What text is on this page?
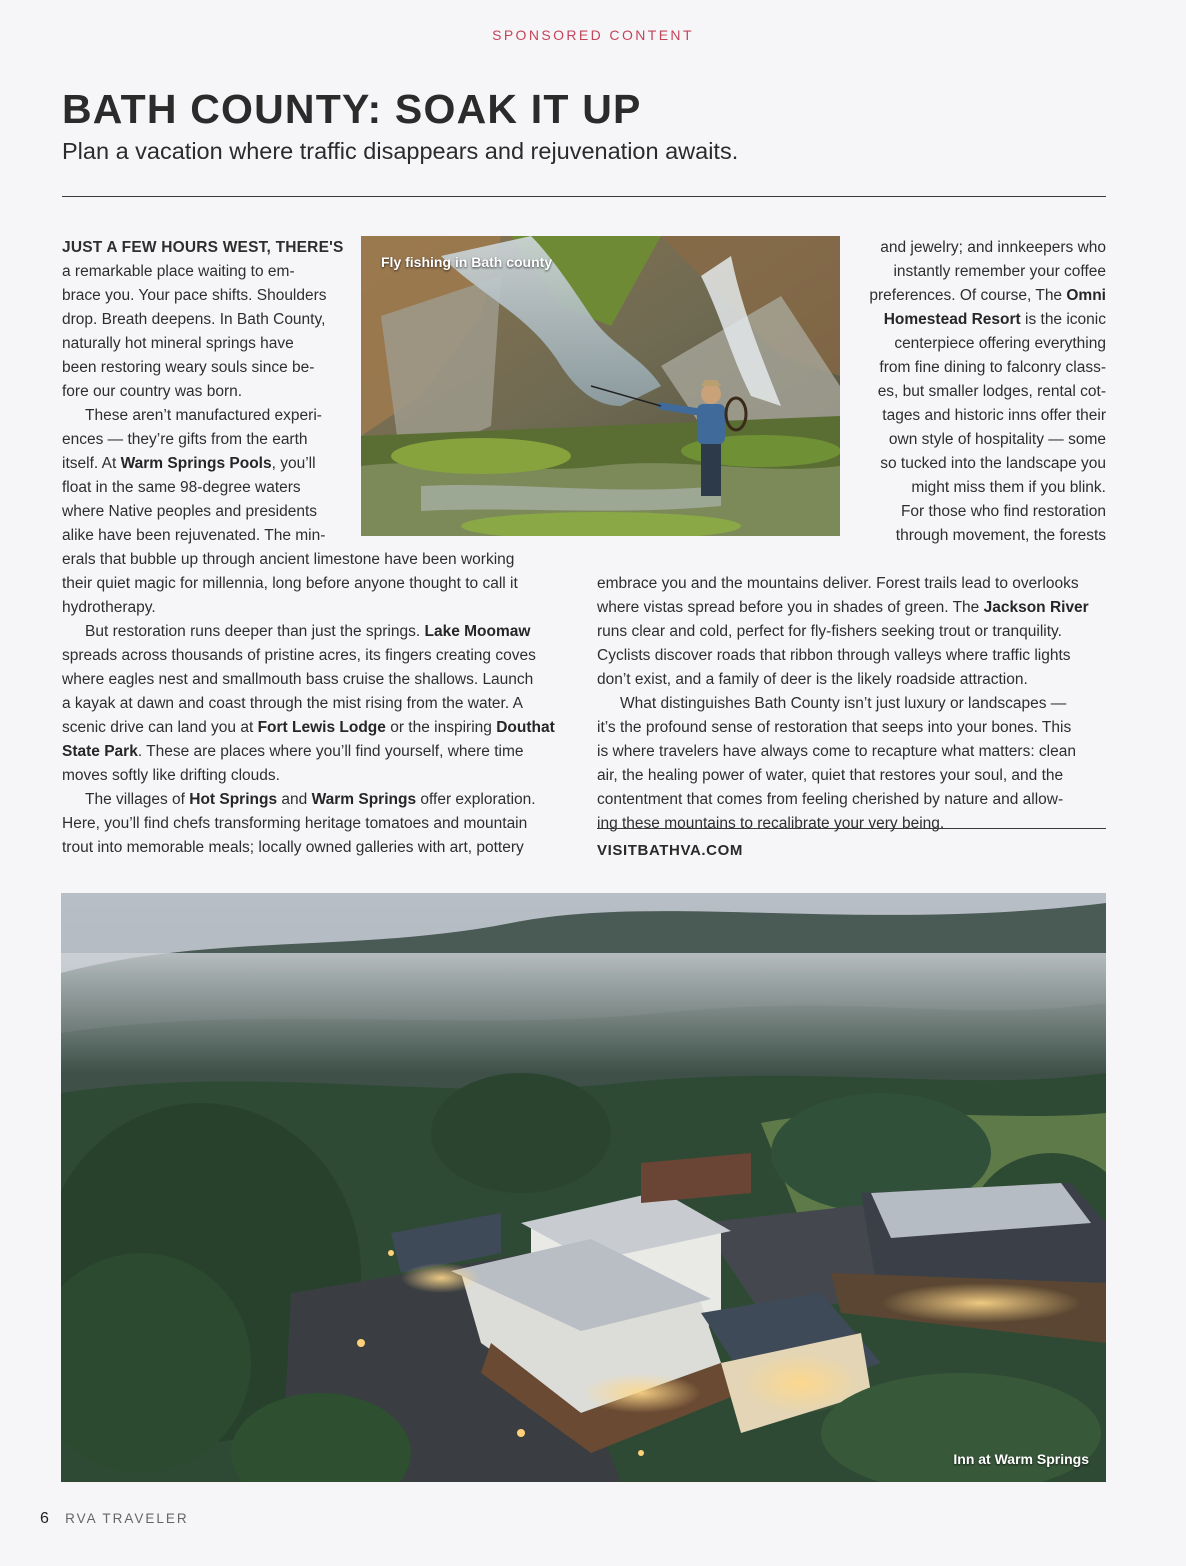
SPONSORED CONTENT
BATH COUNTY: SOAK IT UP

Plan a vacation where traffic disappears and rejuvenation awaits.

JUST A FEW HOURS WEST, THERE'S
a remarkable place waiting to em-
brace you. Your pace shifts. Shoulders
drop. Breath deepens. In Bath County,
naturally hot mineral springs have
been restoring weary souls since be-
fore our country was born.
These aren’t manufactured experi-
ences — they’re gifts from the earth
itself. At Warm Springs Pools, you’ll
float in the same 98-degree waters
where Native peoples and presidents
alike have been rejuvenated. The min-
erals that bubble up through ancient limestone have been working
their quiet magic for millennia, long before anyone thought to call it
hydrotherapy.
But restoration runs deeper than just the springs. Lake Moomaw
spreads across thousands of pristine acres, its fingers creating coves
where eagles nest and smallmouth bass cruise the shallows. Launch
a kayak at dawn and coast through the mist rising from the water. A
scenic drive can land you at Fort Lewis Lodge or the inspiring Douthat
State Park. These are places where you’ll find yourself, where time
moves softly like drifting clouds.
The villages of Hot Springs and Warm Springs offer exploration.
Here, you’ll find chefs transforming heritage tomatoes and mountain
trout into memorable meals; locally owned galleries with art, pottery
and jewelry; and innkeepers who
instantly remember your coffee
preferences. Of course, The Omni
Homestead Resort is the iconic
centerpiece offering everything
from fine dining to falconry class-
es, but smaller lodges, rental cot-
tages and historic inns offer their
own style of hospitality — some
so tucked into the landscape you
might miss them if you blink.
For those who find restoration
through movement, the forests
embrace you and the mountains deliver. Forest trails lead to overlooks
where vistas spread before you in shades of green. The Jackson River
runs clear and cold, perfect for fly-fishers seeking trout or tranquility.
Cyclists discover roads that ribbon through valleys where traffic lights
don’t exist, and a family of deer is the likely roadside attraction.
What distinguishes Bath County isn’t just luxury or landscapes —
it’s the profound sense of restoration that seeps into your bones. This
is where travelers have always come to recapture what matters: clean
air, the healing power of water, quiet that restores your soul, and the
contentment that comes from feeling cherished by nature and allow-
ing these mountains to recalibrate your very being.
VISITBATHVA.COM
Fly fishing in Bath county
Inn at Warm Springs
6 RVA TRAVELER
